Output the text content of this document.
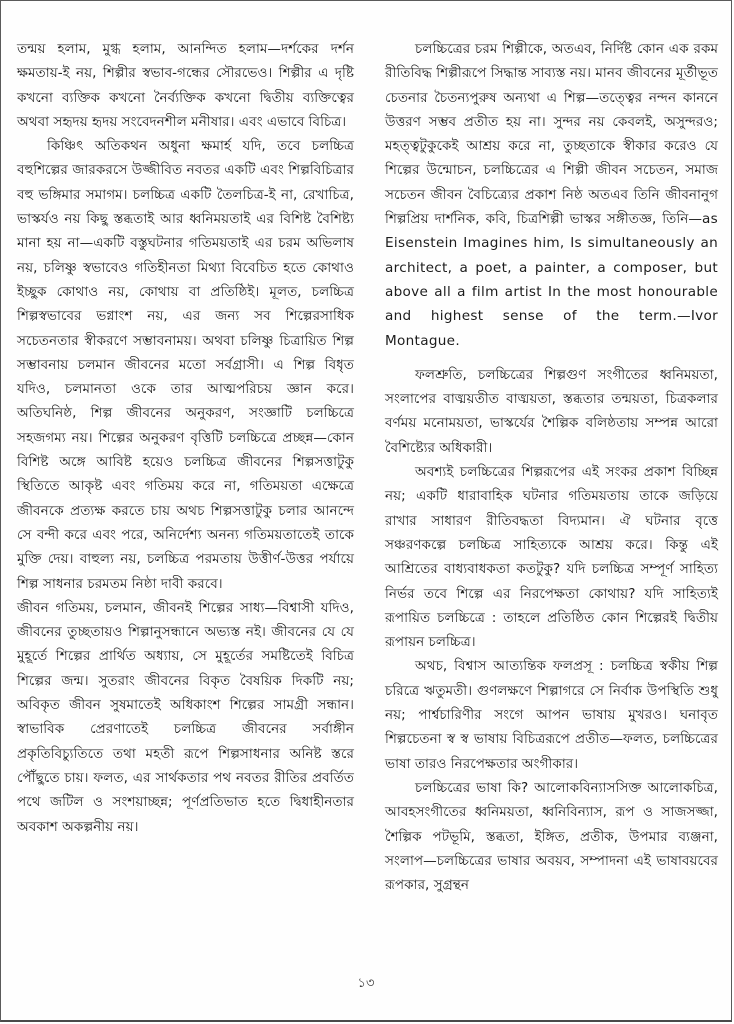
তন্ময় হলাম, মুগ্ধ হলাম, আনন্দিত হলাম—দর্শকের দর্শন ক্ষমতায়-ই নয়, শিল্পীর স্বভাব-গন্ধের সৌরভেও। শিল্পীর এ দৃষ্টি কখনো ব্যক্তিক কখনো নৈর্ব্যক্তিক কখনো দ্বিতীয় ব্যক্তিত্বের অথবা সহৃদয় হৃদয় সংবেদনশীল মনীষার। এবং এভাবে বিচিত্র।

কিঞ্চিৎ অতিকথন অধুনা ক্ষমার্হ যদি, তবে চলচ্চিত্র বহুশিল্পের জারকরসে উজ্জীবিত নবতর একটি এবং শিল্পবিচিত্রার বহু ভঙ্গিমার সমাগম। চলচ্চিত্র একটি তৈলচিত্র-ই না, রেখাচিত্র, ভাস্কর্যও নয় কিছু স্তব্ধতাই আর ধ্বনিময়তাই এর বিশিষ্ট বৈশিষ্ট্য মানা হয় না—একটি বস্তুঘটনার গতিময়তাই এর চরম অভিলাষ নয়, চলিষ্ণু স্বভাবেও গতিহীনতা মিথ্যা বিবেচিত হতে কোথাও ইচ্ছুক কোথাও নয়, কোথায় বা প্রতিষ্ঠিই। মূলত, চলচ্চিত্র শিল্পস্বভাবের ভগ্নাংশ নয়, এর জন্য সব শিল্পেরসাধিক সচেতনতার স্বীকরণে সম্ভাবনাময়। অথবা চলিষ্ণু চিত্রায়িত শিল্প সম্ভাবনায় চলমান জীবনের মতো সর্বগ্রাসী। এ শিল্প বিধৃত যদিও, চলমানতা ওকে তার আত্মপরিচয় জ্ঞান করে। অতিঘনিষ্ঠ, শিল্প জীবনের অনুকরণ, সংজ্ঞাটি চলচ্চিত্রে সহজগম্য নয়। শিল্পের অনুকরণ বৃত্তিটি চলচ্চিত্রে প্রচ্ছন্ন—কোন বিশিষ্ট অঙ্গে আবিষ্ট হয়েও চলচ্চিত্র জীবনের শিল্পসত্তাটুকু স্থিতিতে আকৃষ্ট এবং গতিময় করে না, গতিময়তা এক্ষেত্রে জীবনকে প্রত্যক্ষ করতে চায় অথচ শিল্পসত্তাটুকু চলার আনন্দে সে বন্দী করে এবং পরে, অনির্দেশ্য অনন্য গতিময়তাতেই তাকে মুক্তি দেয়। বাহুল্য নয়, চলচ্চিত্র পরমতায় উত্তীর্ণ-উত্তর পর্যায়ে শিল্প সাধনার চরমতম নিষ্ঠা দাবী করবে।

জীবন গতিময়, চলমান, জীবনই শিল্পের সাধ্য—বিশ্বাসী যদিও, জীবনের তুচ্ছতায়ও শিল্পানুসন্ধানে অভ্যস্ত নই। জীবনের যে যে মুহূর্তে শিল্পের প্রার্থিত অধ্যায়, সে মুহূর্তের সমষ্টিতেই বিচিত্র শিল্পের জন্ম। সুতরাং জীবনের বিকৃত বৈষয়িক দিকটি নয়; অবিকৃত জীবন সুষমাতেই অধিকাংশ শিল্পের সামগ্রী সন্ধান। স্বাভাবিক প্রেরণাতেই চলচ্চিত্র জীবনের সর্বাঙ্গীন প্রকৃতিবিচ্যুতিতে তথা মহতী রূপে শিল্পসাধনার অনিষ্ট স্তরে পৌঁছুতে চায়। ফলত, এর সার্থকতার পথ নবতর রীতির প্রবর্তিত পথে জটিল ও সংশয়াচ্ছন্ন; পূর্ণপ্রতিভাত হতে দ্বিধাহীনতার অবকাশ অকল্পনীয় নয়।

চলচ্চিত্রের চরম শিল্পীকে, অতএব, নির্দিষ্ট কোন এক রকম রীতিবিদ্ধ শিল্পীরূপে সিদ্ধান্ত সাব্যস্ত নয়। মানব জীবনের মূর্তীভূত চেতনার চৈতন্যপুরুষ অন্যথা এ শিল্প—তত্ত্বের নন্দন কাননে উত্তরণ সম্ভব প্রতীত হয় না। সুন্দর নয় কেবলই, অসুন্দরও; মহত্ত্বটুকুকেই আশ্রয় করে না, তুচ্ছতাকে স্বীকার করেও যে শিল্পের উন্মোচন, চলচ্চিত্রের এ শিল্পী জীবন সচেতন, সমাজ সচেতন জীবন বৈচিত্র্যের প্রকাশ নিষ্ঠ অতএব তিনি জীবনানুগ শিল্পপ্রিয় দার্শনিক, কবি, চিত্রশিল্পী ভাস্কর সঙ্গীতজ্ঞ, তিনি—as Eisenstein Imagines him, Is simultaneously an architect, a poet, a painter, a composer, but above all a film artist In the most honourable and highest sense of the term.—Ivor Montague.

ফলশ্রুতি, চলচ্চিত্রের শিল্পগুণ সংগীতের ধ্বনিময়তা, সংলাপের বাঙ্ময়তীত বাঙ্ময়তা, স্তব্ধতার তন্ময়তা, চিত্রকলার বর্ণময় মনোময়তা, ভাস্কর্যের শৈল্পিক বলিষ্ঠতায় সম্পন্ন আরো বৈশিষ্ট্যের অধিকারী।

অবশ্যই চলচ্চিত্রের শিল্পরূপের এই সংকর প্রকাশ বিচ্ছিন্ন নয়; একটি ধারাবাহিক ঘটনার গতিময়তায় তাকে জড়িয়ে রাখার সাধারণ রীতিবদ্ধতা বিদ্যমান। ঐ ঘটনার বৃত্তে সঞ্চরণকল্পে চলচ্চিত্র সাহিত্যকে আশ্রয় করে। কিন্তু এই আশ্রিতের বাধ্যবাধকতা কতটুকু? যদি চলচ্চিত্র সম্পূর্ণ সাহিত্য নির্ভর তবে শিল্পে এর নিরপেক্ষতা কোথায়? যদি সাহিত্যই রূপায়িত চলচ্চিত্রে : তাহলে প্রতিষ্ঠিত কোন শিল্পেরই দ্বিতীয় রূপায়ন চলচ্চিত্র।

অথচ, বিশ্বাস আত্যন্তিক ফলপ্রসূ : চলচ্চিত্র স্বকীয় শিল্প চরিত্রে ঋতুমতী। গুণলক্ষণে শিল্পাগরে সে নির্বাক উপস্থিতি শুধু নয়; পার্শ্বচারিণীর সংগে আপন ভাষায় মুখরও। ঘনাবৃত শিল্পচেতনা স্ব স্ব ভাষায় বিচিত্ররূপে প্রতীত—ফলত, চলচ্চিত্রের ভাষা তারও নিরপেক্ষতার অংগীকার।

চলচ্চিত্রের ভাষা কি? আলোকবিন্যাসসিক্ত আলোকচিত্র, আবহসংগীতের ধ্বনিময়তা, ধ্বনিবিন্যাস, রূপ ও সাজসজ্জা, শৈল্পিক পটভূমি, স্তব্ধতা, ইঙ্গিত, প্রতীক, উপমার ব্যঞ্জনা, সংলাপ—চলচ্চিত্রের ভাষার অবয়ব, সম্পাদনা এই ভাষাবয়বের রূপকার, সুগ্রন্থন

১৩
